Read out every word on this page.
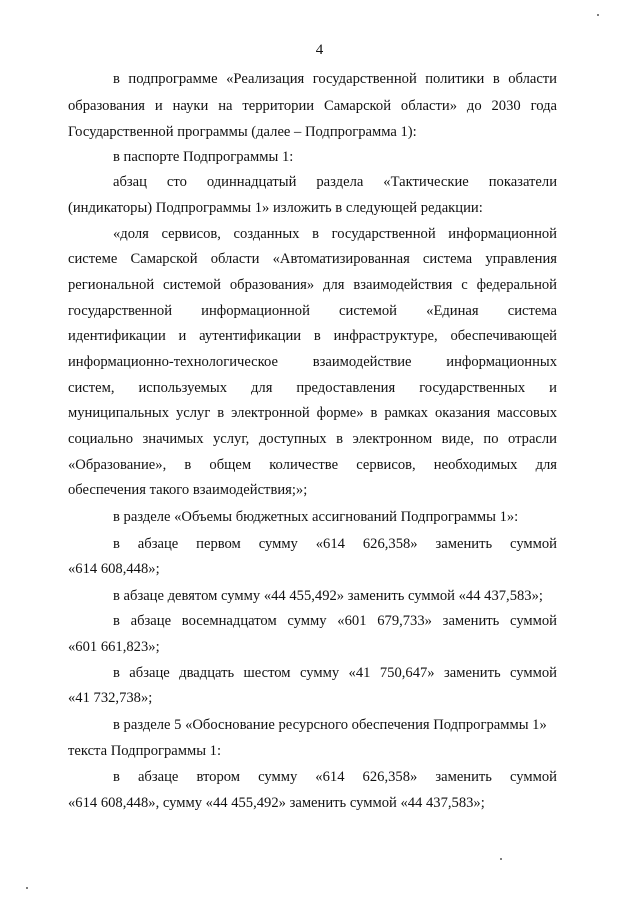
4
в подпрограмме «Реализация государственной политики в области
образования и науки на территории Самарской области» до 2030 года
Государственной программы (далее – Подпрограмма 1):
в паспорте Подпрограммы 1:
абзац сто одиннадцатый раздела «Тактические показатели
(индикаторы) Подпрограммы 1» изложить в следующей редакции:
«доля сервисов, созданных в государственной информационной
системе Самарской области «Автоматизированная система управления
региональной системой образования» для взаимодействия с федеральной
государственной информационной системой «Единая система
идентификации и аутентификации в инфраструктуре, обеспечивающей
информационно-технологическое взаимодействие информационных
систем, используемых для предоставления государственных и
муниципальных услуг в электронной форме» в рамках оказания массовых
социально значимых услуг, доступных в электронном виде, по отрасли
«Образование», в общем количестве сервисов, необходимых для
обеспечения такого взаимодействия;»;
в разделе «Объемы бюджетных ассигнований Подпрограммы 1»:
в абзаце первом сумму «614 626,358» заменить суммой
«614 608,448»;
в абзаце девятом сумму «44 455,492» заменить суммой «44 437,583»;
в абзаце восемнадцатом сумму «601 679,733» заменить суммой
«601 661,823»;
в абзаце двадцать шестом сумму «41 750,647» заменить суммой
«41 732,738»;
в разделе 5 «Обоснование ресурсного обеспечения Подпрограммы 1»
текста Подпрограммы 1:
в абзаце втором сумму «614 626,358» заменить суммой
«614 608,448», сумму «44 455,492» заменить суммой «44 437,583»;
